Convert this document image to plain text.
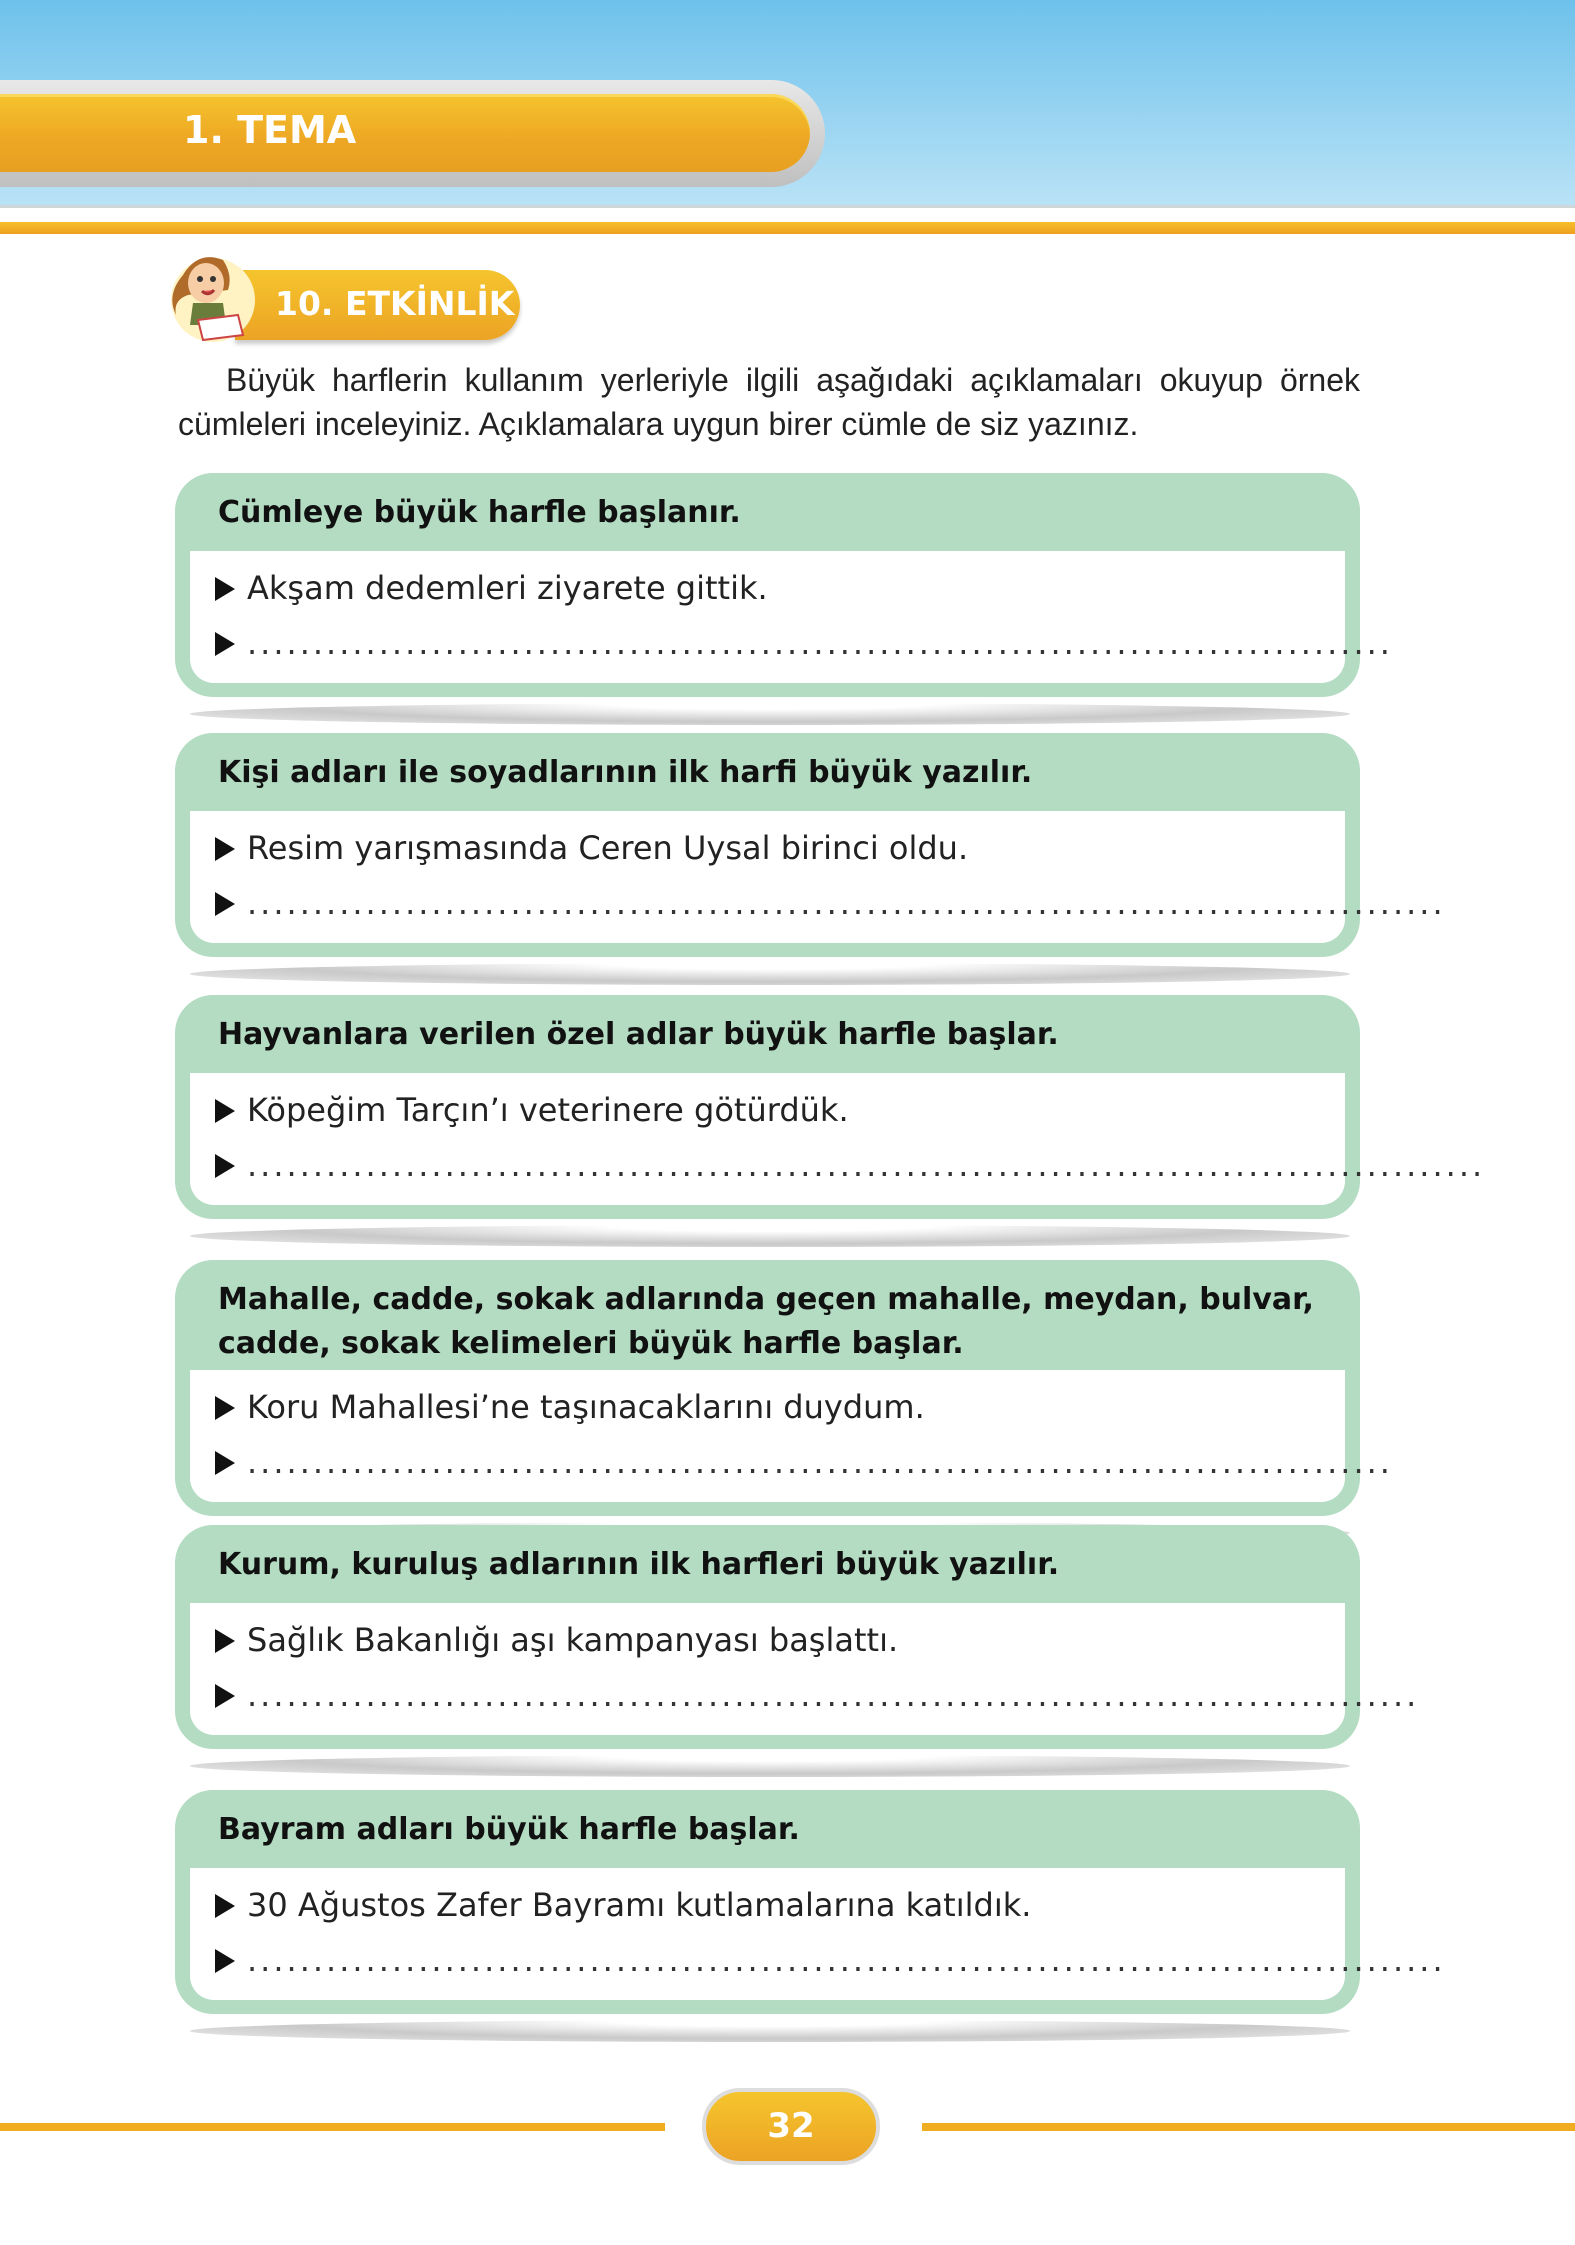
1. TEMA
10. ETKİNLİK

Büyük harflerin kullanım yerleriyle ilgili aşağıdaki açıklamaları okuyup örnek cümleleri inceleyiniz. Açıklamalara uygun birer cümle de siz yazınız.

Cümleye büyük harfle başlanır.
Akşam dedemleri ziyarete gittik.
.......................................................................................
Kişi adları ile soyadlarının ilk harfi büyük yazılır.
Resim yarışmasında Ceren Uysal birinci oldu.
...........................................................................................
Hayvanlara verilen özel adlar büyük harfle başlar.
Köpeğim Tarçın’ı veterinere götürdük.
..............................................................................................
Mahalle, cadde, sokak adlarında geçen mahalle, meydan, bulvar, cadde, sokak kelimeleri büyük harfle başlar.
Koru Mahallesi’ne taşınacaklarını duydum.
.......................................................................................
Kurum, kuruluş adlarının ilk harfleri büyük yazılır.
Sağlık Bakanlığı aşı kampanyası başlattı.
.........................................................................................
Bayram adları büyük harfle başlar.
30 Ağustos Zafer Bayramı kutlamalarına katıldık.
...........................................................................................
32
